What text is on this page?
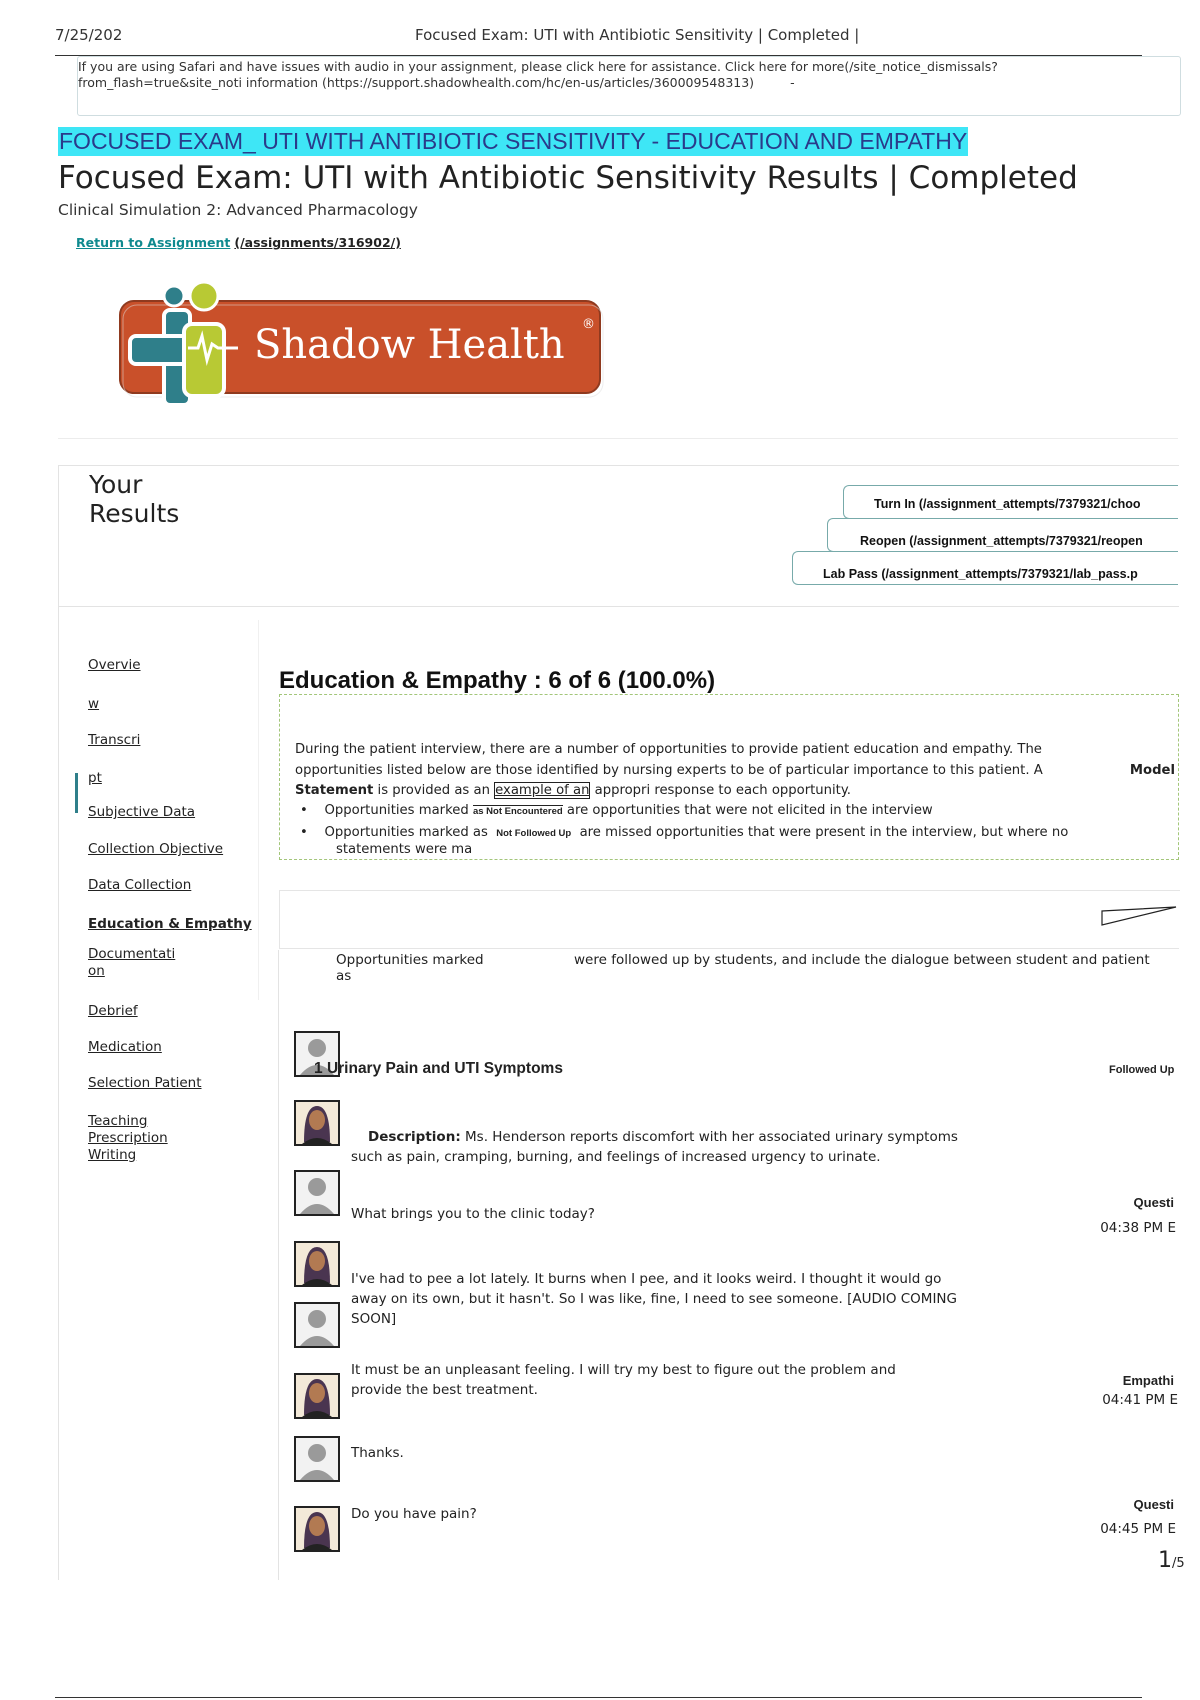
7/25/202	Focused Exam: UTI with Antibiotic Sensitivity | Completed |
If you are using Safari and have issues with audio in your assignment, please click here for assistance. Click here for more(/site_notice_dismissals?
from_flash=true&site_noti information (https://support.shadowhealth.com/hc/en-us/articles/360009548313)	-
FOCUSED EXAM_ UTI WITH ANTIBIOTIC SENSITIVITY - EDUCATION AND EMPATHY
Focused Exam: UTI with Antibiotic Sensitivity Results | Completed
Clinical Simulation 2: Advanced Pharmacology
Return to Assignment (/assignments/316902/)
Shadow Health ®
Your
Results	Turn In (/assignment_attempts/7379321/choo
Reopen (/assignment_attempts/7379321/reopen
Lab Pass (/assignment_attempts/7379321/lab_pass.p
Overvie
w
Transcri
pt
Subjective Data
Collection Objective
Data Collection
Education & Empathy
Documentati
on
Debrief
Medication
Selection Patient
Teaching
Prescription
Writing
Education & Empathy : 6 of 6 (100.0%)

During the patient interview, there are a number of opportunities to provide patient education and empathy. The

opportunities listed below are those identified by nursing experts to be of particular importance to this patient. A	Model

Statement is provided as an example of an appropri response to each opportunity.

•    Opportunities marked as Not Encountered are opportunities that were not elicited in the interview

•    Opportunities marked as Not Followed Up are missed opportunities that were present in the interview, but where no

statements were ma

Opportunities marked
as
were followed up by students, and include the dialogue between student and patient
1 Urinary Pain and UTI Symptoms	Followed Up
Description: Ms. Henderson reports discomfort with her associated urinary symptoms
such as pain, cramping, burning, and feelings of increased urgency to urinate.
What brings you to the clinic today?
Questi
04:38 PM E
I've had to pee a lot lately. It burns when I pee, and it looks weird. I thought it would go
away on its own, but it hasn't. So I was like, fine, I need to see someone. [AUDIO COMING
SOON]
It must be an unpleasant feeling. I will try my best to figure out the problem and
provide the best treatment.
Empathi
04:41 PM E
Thanks.
Do you have pain?
Questi
04:45 PM E
1/5
